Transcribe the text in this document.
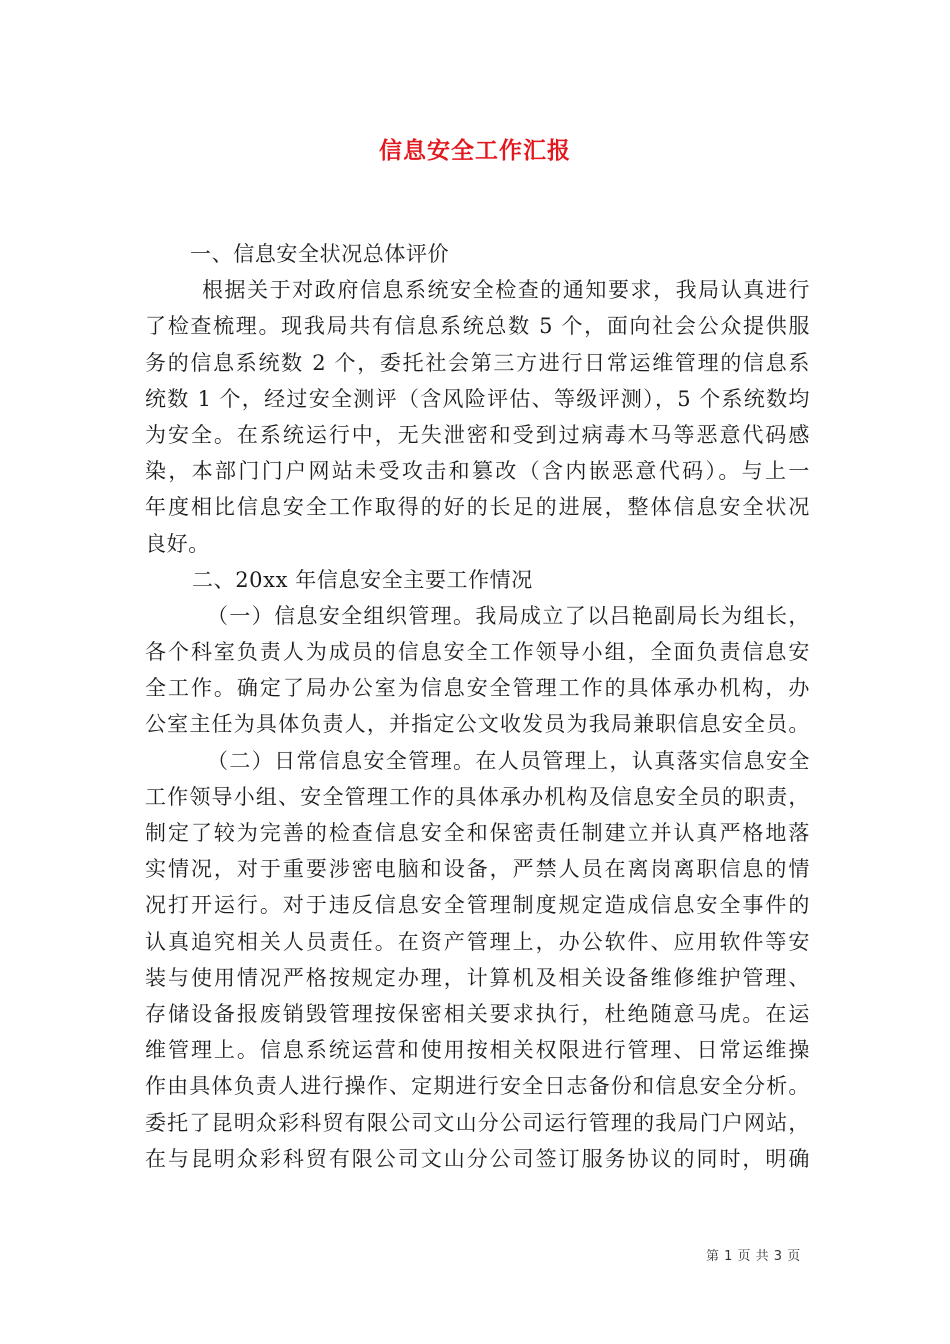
信息安全工作汇报
一、信息安全状况总体评价
根据关于对政府信息系统安全检查的通知要求，我局认真进行
了检查梳理。现我局共有信息系统总数 5 个，面向社会公众提供服
务的信息系统数 2 个，委托社会第三方进行日常运维管理的信息系
统数 1 个，经过安全测评（含风险评估、等级评测），5 个系统数均
为安全。在系统运行中，无失泄密和受到过病毒木马等恶意代码感
染，本部门门户网站未受攻击和篡改（含内嵌恶意代码）。与上一
年度相比信息安全工作取得的好的长足的进展，整体信息安全状况
良好。
二、20xx 年信息安全主要工作情况
（一）信息安全组织管理。我局成立了以吕艳副局长为组长，
各个科室负责人为成员的信息安全工作领导小组，全面负责信息安
全工作。确定了局办公室为信息安全管理工作的具体承办机构，办
公室主任为具体负责人，并指定公文收发员为我局兼职信息安全员。
（二）日常信息安全管理。在人员管理上，认真落实信息安全
工作领导小组、安全管理工作的具体承办机构及信息安全员的职责，
制定了较为完善的检查信息安全和保密责任制建立并认真严格地落
实情况，对于重要涉密电脑和设备，严禁人员在离岗离职信息的情
况打开运行。对于违反信息安全管理制度规定造成信息安全事件的
认真追究相关人员责任。在资产管理上，办公软件、应用软件等安
装与使用情况严格按规定办理，计算机及相关设备维修维护管理、
存储设备报废销毁管理按保密相关要求执行，杜绝随意马虎。在运
维管理上。信息系统运营和使用按相关权限进行管理、日常运维操
作由具体负责人进行操作、定期进行安全日志备份和信息安全分析。
委托了昆明众彩科贸有限公司文山分公司运行管理的我局门户网站，
在与昆明众彩科贸有限公司文山分公司签订服务协议的同时，明确
第 1 页 共 3 页
